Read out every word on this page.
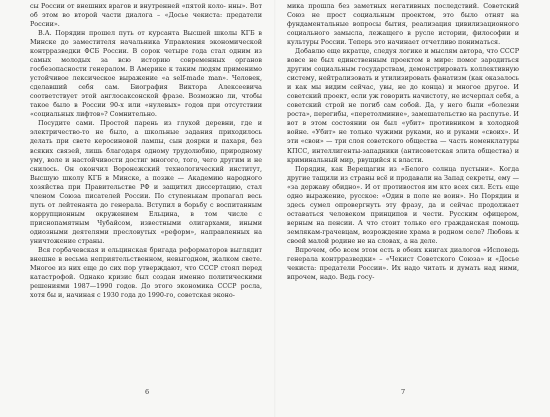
сы России от внешних врагов и внутренней «пятой коло- нны». Вот об этом во второй части диалога – «Досье чекиста: предатели России».

В.А. Порядин прошел путь от курсанта Высшей школы КГБ в Минске до заместителя начальника Управления экономической контрразведки ФСБ России. В сорок четыре года стал одним из самых молодых за всю историю современных органов госбезопасности генералом. В Америке к таким людям применимо устойчивое лексическое выражение «a self-made man». Человек, сделавший себя сам. Биография Виктора Алексеевича соответствует этой англосаксонской фразе. Возможно ли, чтобы такое было в России 90-х или «нулевых» годов при отсутствии «социальных лифтов»? Сомнительно.

Посудите сами. Простой парень из глухой деревни, где и электричество-то не было, а школьные задания приходилось делать при свете керосиновой лампы, сын доярки и пахаря, без всяких связей, лишь благодаря одному трудолюбию, природному уму, воле и настойчивости достиг многого, того, чего другим и не снилось. Он окончил Воронежский технологический институт, Высшую школу КГБ в Минске, а позже — Академию народного хозяйства при Правительстве РФ и защитил диссертацию, стал членом Союза писателей России. По ступенькам пропагал весь путь от лейтенанта до генерала. Вступил в борьбу с воспитанным коррупционным окружением Ельцина, в том числе с приснопамятным Чубайсом, известными олигархами, иными одиозными деятелями пресловутых «реформ», направленных на уничтожение страны.

Вся горбачевская и ельцинская бригада реформаторов выглядит внешне в весьма неприятельственном, невыгодном, жалком свете. Многое из них еще до сих пор утверждают, что СССР стоял перед катастрофой. Однако кризис был создан именно политическими решениями 1987—1990 годов. До этого экономика СССР росла, хотя бы и, начиная с 1930 года до 1990-го, советская эконо-

мика прошла без заметных негативных последствий. Советский Союз не прост социальным проектом, это было отнят на фундаментальные вопросы бытия, реализация цивилизационного социального замысла, лежащего в русле истории, философии и культуры России. Теперь это начинает отчетливо пониматься.

Добавлю еще вкратце, следуя логике и мыслям автора, что СССР вовсе не был единственным проектом в мире: помог зародиться другим социальным государствам, демонстрировать коллективную систему, нейтрализовать и утилизировать фанатизм (как оказалось и как мы видим сейчас, увы, не до конца) и многое другое. И советский проект, если уж говорить начистоту, не исчерпал себя, а советский строй не погиб сам собой. Да, у него были «болезни роста», перегибы, «перетолминие», замешательство на распутье. И вот в этом состоянии он был «убит» противником в холодной войне. «Убит» не только чужими руками, но и руками «своих». И эти «свои» — три слоя советского общества — часть номенклатуры КПСС, интеллигенты-западники (антисоветская элита общества) и криминальный мир, рвущийся к власти.

Порядин, как Верещагин из «Белого солнца пустыни». Когда другие тащили из страны всё и продавали на Запад секреты, ему — «за державу обидно». И от противостоя им кто всех сил. Есть еще одно выражение, русское: «Один в поле не воин». Но Порядин и здесь сумел опровергнуть эту фразу, да и сейчас продолжает оставаться человеком принципов и чести. Русским офицером, верным на пенсии. А что стоит только его гражданская помощь землякам-грачевцам, возрождение храма в родном селе? Любовь к своей малой родине не на словах, а на деле.

Впрочем, обо всем этом есть в обеих книгах диалогов «Исповедь генерала контрразведки» – «Чекист Советского Союза» и «Досье чекиста: предатели России». Их надо читать и думать над ними, впрочем, надо. Ведь госу-

6	7
